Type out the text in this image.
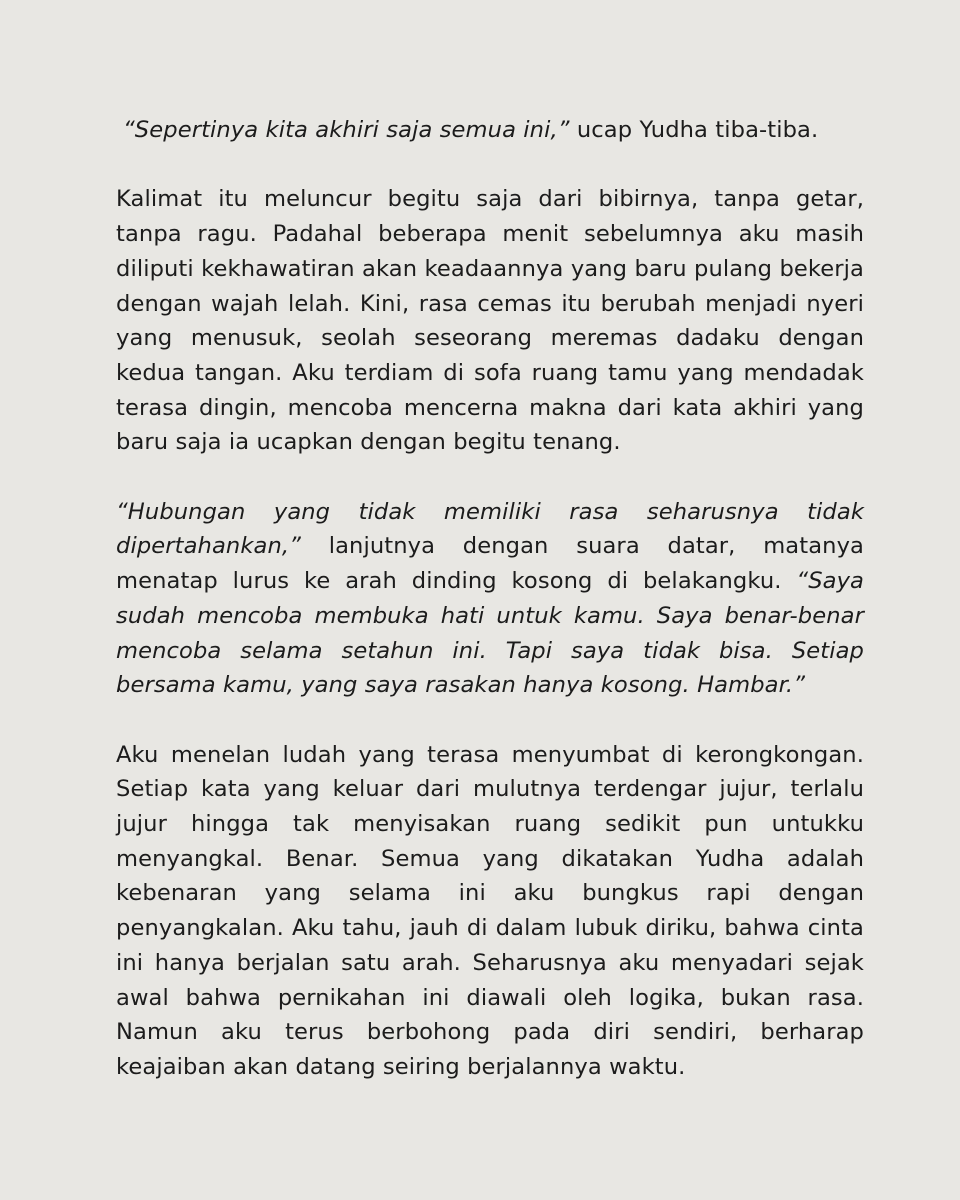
“Sepertinya kita akhiri saja semua ini,” ucap Yudha tiba-tiba.

Kalimat itu meluncur begitu saja dari bibirnya, tanpa getar, tanpa ragu. Padahal beberapa menit sebelumnya aku masih diliputi kekhawatiran akan keadaannya yang baru pulang bekerja dengan wajah lelah. Kini, rasa cemas itu berubah menjadi nyeri yang menusuk, seolah seseorang meremas dadaku dengan kedua tangan. Aku terdiam di sofa ruang tamu yang mendadak terasa dingin, mencoba mencerna makna dari kata akhiri yang baru saja ia ucapkan dengan begitu tenang.

“Hubungan yang tidak memiliki rasa seharusnya tidak dipertahankan,” lanjutnya dengan suara datar, matanya menatap lurus ke arah dinding kosong di belakangku. “Saya sudah mencoba membuka hati untuk kamu. Saya benar-benar mencoba selama setahun ini. Tapi saya tidak bisa. Setiap bersama kamu, yang saya rasakan hanya kosong. Hambar.”

Aku menelan ludah yang terasa menyumbat di kerongkongan. Setiap kata yang keluar dari mulutnya terdengar jujur, terlalu jujur hingga tak menyisakan ruang sedikit pun untukku menyangkal. Benar. Semua yang dikatakan Yudha adalah kebenaran yang selama ini aku bungkus rapi dengan penyangkalan. Aku tahu, jauh di dalam lubuk diriku, bahwa cinta ini hanya berjalan satu arah. Seharusnya aku menyadari sejak awal bahwa pernikahan ini diawali oleh logika, bukan rasa. Namun aku terus berbohong pada diri sendiri, berharap keajaiban akan datang seiring berjalannya waktu.
